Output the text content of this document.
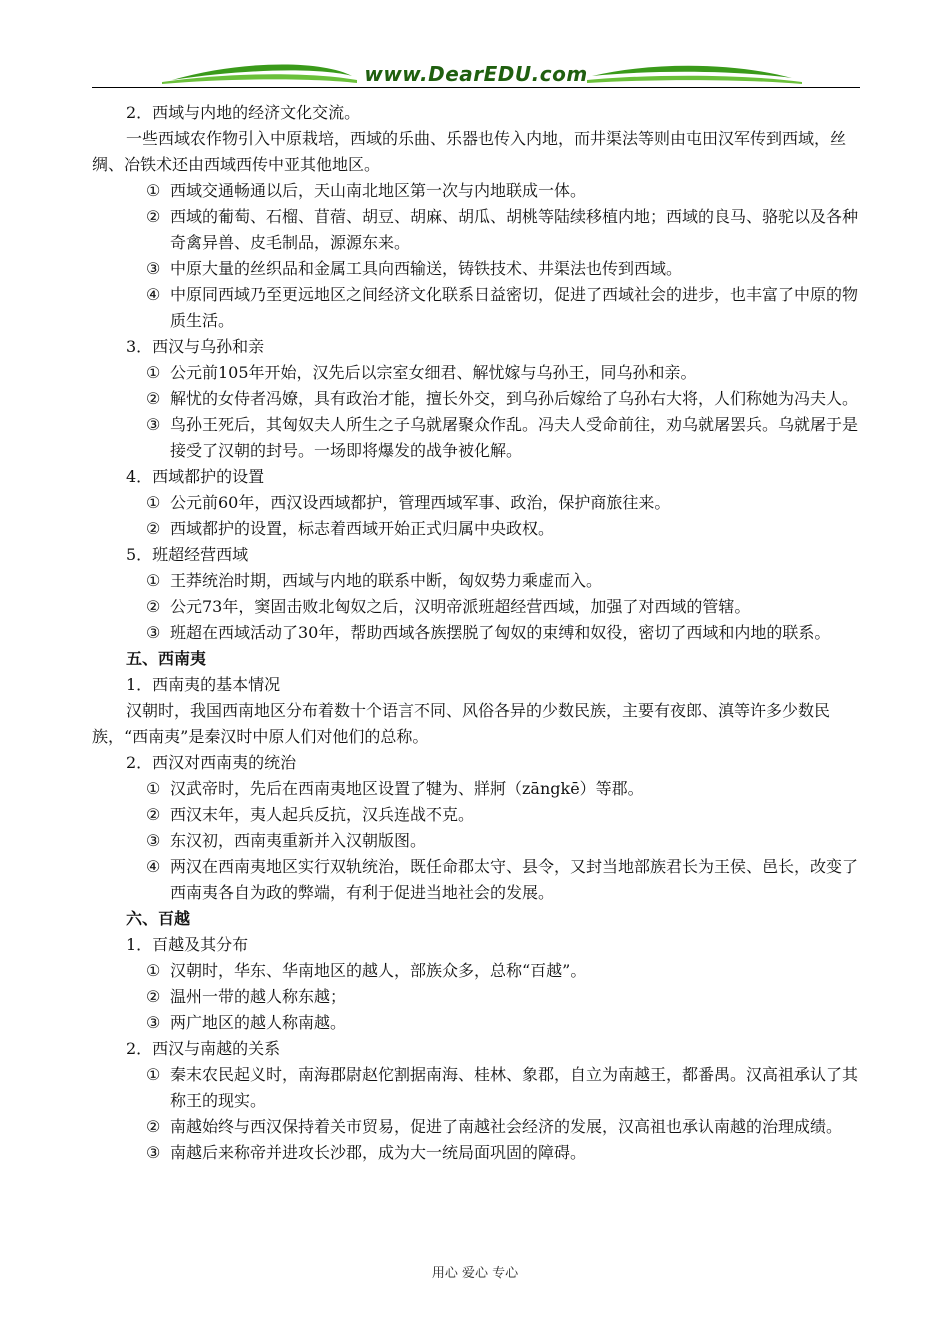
www.DearEDU.com
2．西域与内地的经济文化交流。
一些西域农作物引入中原栽培，西域的乐曲、乐器也传入内地，而井渠法等则由屯田汉军传到西域，丝绸、冶铁术还由西域西传中亚其他地区。
① 西域交通畅通以后，天山南北地区第一次与内地联成一体。
② 西域的葡萄、石榴、苜蓿、胡豆、胡麻、胡瓜、胡桃等陆续移植内地；西域的良马、骆驼以及各种奇禽异兽、皮毛制品，源源东来。
③ 中原大量的丝织品和金属工具向西输送，铸铁技术、井渠法也传到西域。
④ 中原同西域乃至更远地区之间经济文化联系日益密切，促进了西域社会的进步，也丰富了中原的物质生活。
3．西汉与乌孙和亲
① 公元前105年开始，汉先后以宗室女细君、解忧嫁与乌孙王，同乌孙和亲。
② 解忧的女侍者冯嫽，具有政治才能，擅长外交，到乌孙后嫁给了乌孙右大将，人们称她为冯夫人。
③ 鸟孙王死后，其匈奴夫人所生之子乌就屠聚众作乱。冯夫人受命前往，劝乌就屠罢兵。乌就屠于是接受了汉朝的封号。一场即将爆发的战争被化解。
4．西域都护的设置
① 公元前60年，西汉设西域都护，管理西域军事、政治，保护商旅往来。
② 西域都护的设置，标志着西域开始正式归属中央政权。
5．班超经营西域
① 王莽统治时期，西域与内地的联系中断，匈奴势力乘虚而入。
② 公元73年，窦固击败北匈奴之后，汉明帝派班超经营西域，加强了对西域的管辖。
③ 班超在西域活动了30年，帮助西域各族摆脱了匈奴的束缚和奴役，密切了西域和内地的联系。
五、西南夷
1．西南夷的基本情况
汉朝时，我国西南地区分布着数十个语言不同、风俗各异的少数民族，主要有夜郎、滇等许多少数民族，“西南夷”是秦汉时中原人们对他们的总称。
2．西汉对西南夷的统治
① 汉武帝时，先后在西南夷地区设置了犍为、牂牁（zāngkē）等郡。
② 西汉末年，夷人起兵反抗，汉兵连战不克。
③ 东汉初，西南夷重新并入汉朝版图。
④ 两汉在西南夷地区实行双轨统治，既任命郡太守、县令，又封当地部族君长为王侯、邑长，改变了西南夷各自为政的弊端，有利于促进当地社会的发展。
六、百越
1．百越及其分布
① 汉朝时，华东、华南地区的越人，部族众多，总称“百越”。
② 温州一带的越人称东越；
③ 两广地区的越人称南越。
2．西汉与南越的关系
① 秦末农民起义时，南海郡尉赵佗割据南海、桂林、象郡，自立为南越王，都番禺。汉高祖承认了其称王的现实。
② 南越始终与西汉保持着关市贸易，促进了南越社会经济的发展，汉高祖也承认南越的治理成绩。
③ 南越后来称帝并进攻长沙郡，成为大一统局面巩固的障碍。
用心 爱心 专心
